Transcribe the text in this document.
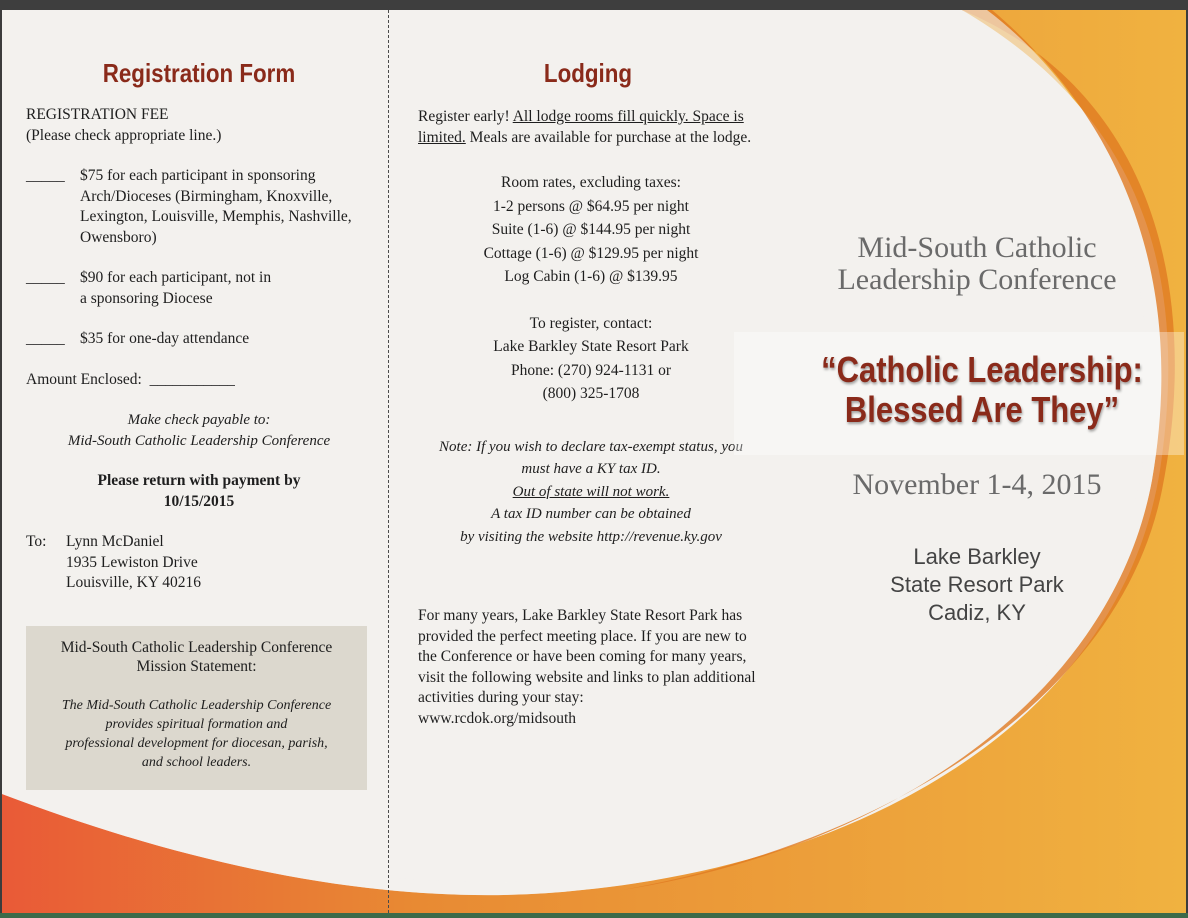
Registration Form

REGISTRATION FEE

(Please check appropriate line.)

_____ $75 for each participant in sponsoring Arch/Dioceses (Birmingham, Knoxville, Lexington, Louisville, Memphis, Nashville, Owensboro)
_____ $90 for each participant, not in a sponsoring Diocese
_____ $35 for one-day attendance

Amount Enclosed: ___________

Make check payable to:

Mid-South Catholic Leadership Conference

Please return with payment by

10/15/2015

To:	Lynn McDaniel
1935 Lewiston Drive
Louisville, KY 40216
Mid-South Catholic Leadership Conference
Mission Statement:
The Mid-South Catholic Leadership Conference
provides spiritual formation and
professional development for diocesan, parish,
and school leaders.
Lodging

Register early! All lodge rooms fill quickly. Space is limited. Meals are available for purchase at the lodge.

Room rates, excluding taxes:
1-2 persons @ $64.95 per night
Suite (1-6) @ $144.95 per night
Cottage (1-6) @ $129.95 per night
Log Cabin (1-6) @ $139.95
To register, contact:
Lake Barkley State Resort Park
Phone: (270) 924-1131 or
(800) 325-1708
Note: If you wish to declare tax-exempt status, you
must have a KY tax ID.
Out of state will not work.
A tax ID number can be obtained
by visiting the website http://revenue.ky.gov

For many years, Lake Barkley State Resort Park has provided the perfect meeting place. If you are new to the Conference or have been coming for many years, visit the following website and links to plan additional activities during your stay:

www.rcdok.org/midsouth

Mid-South Catholic
Leadership Conference
“Catholic Leadership:
Blessed Are They”
November 1-4, 2015
Lake Barkley
State Resort Park
Cadiz, KY
